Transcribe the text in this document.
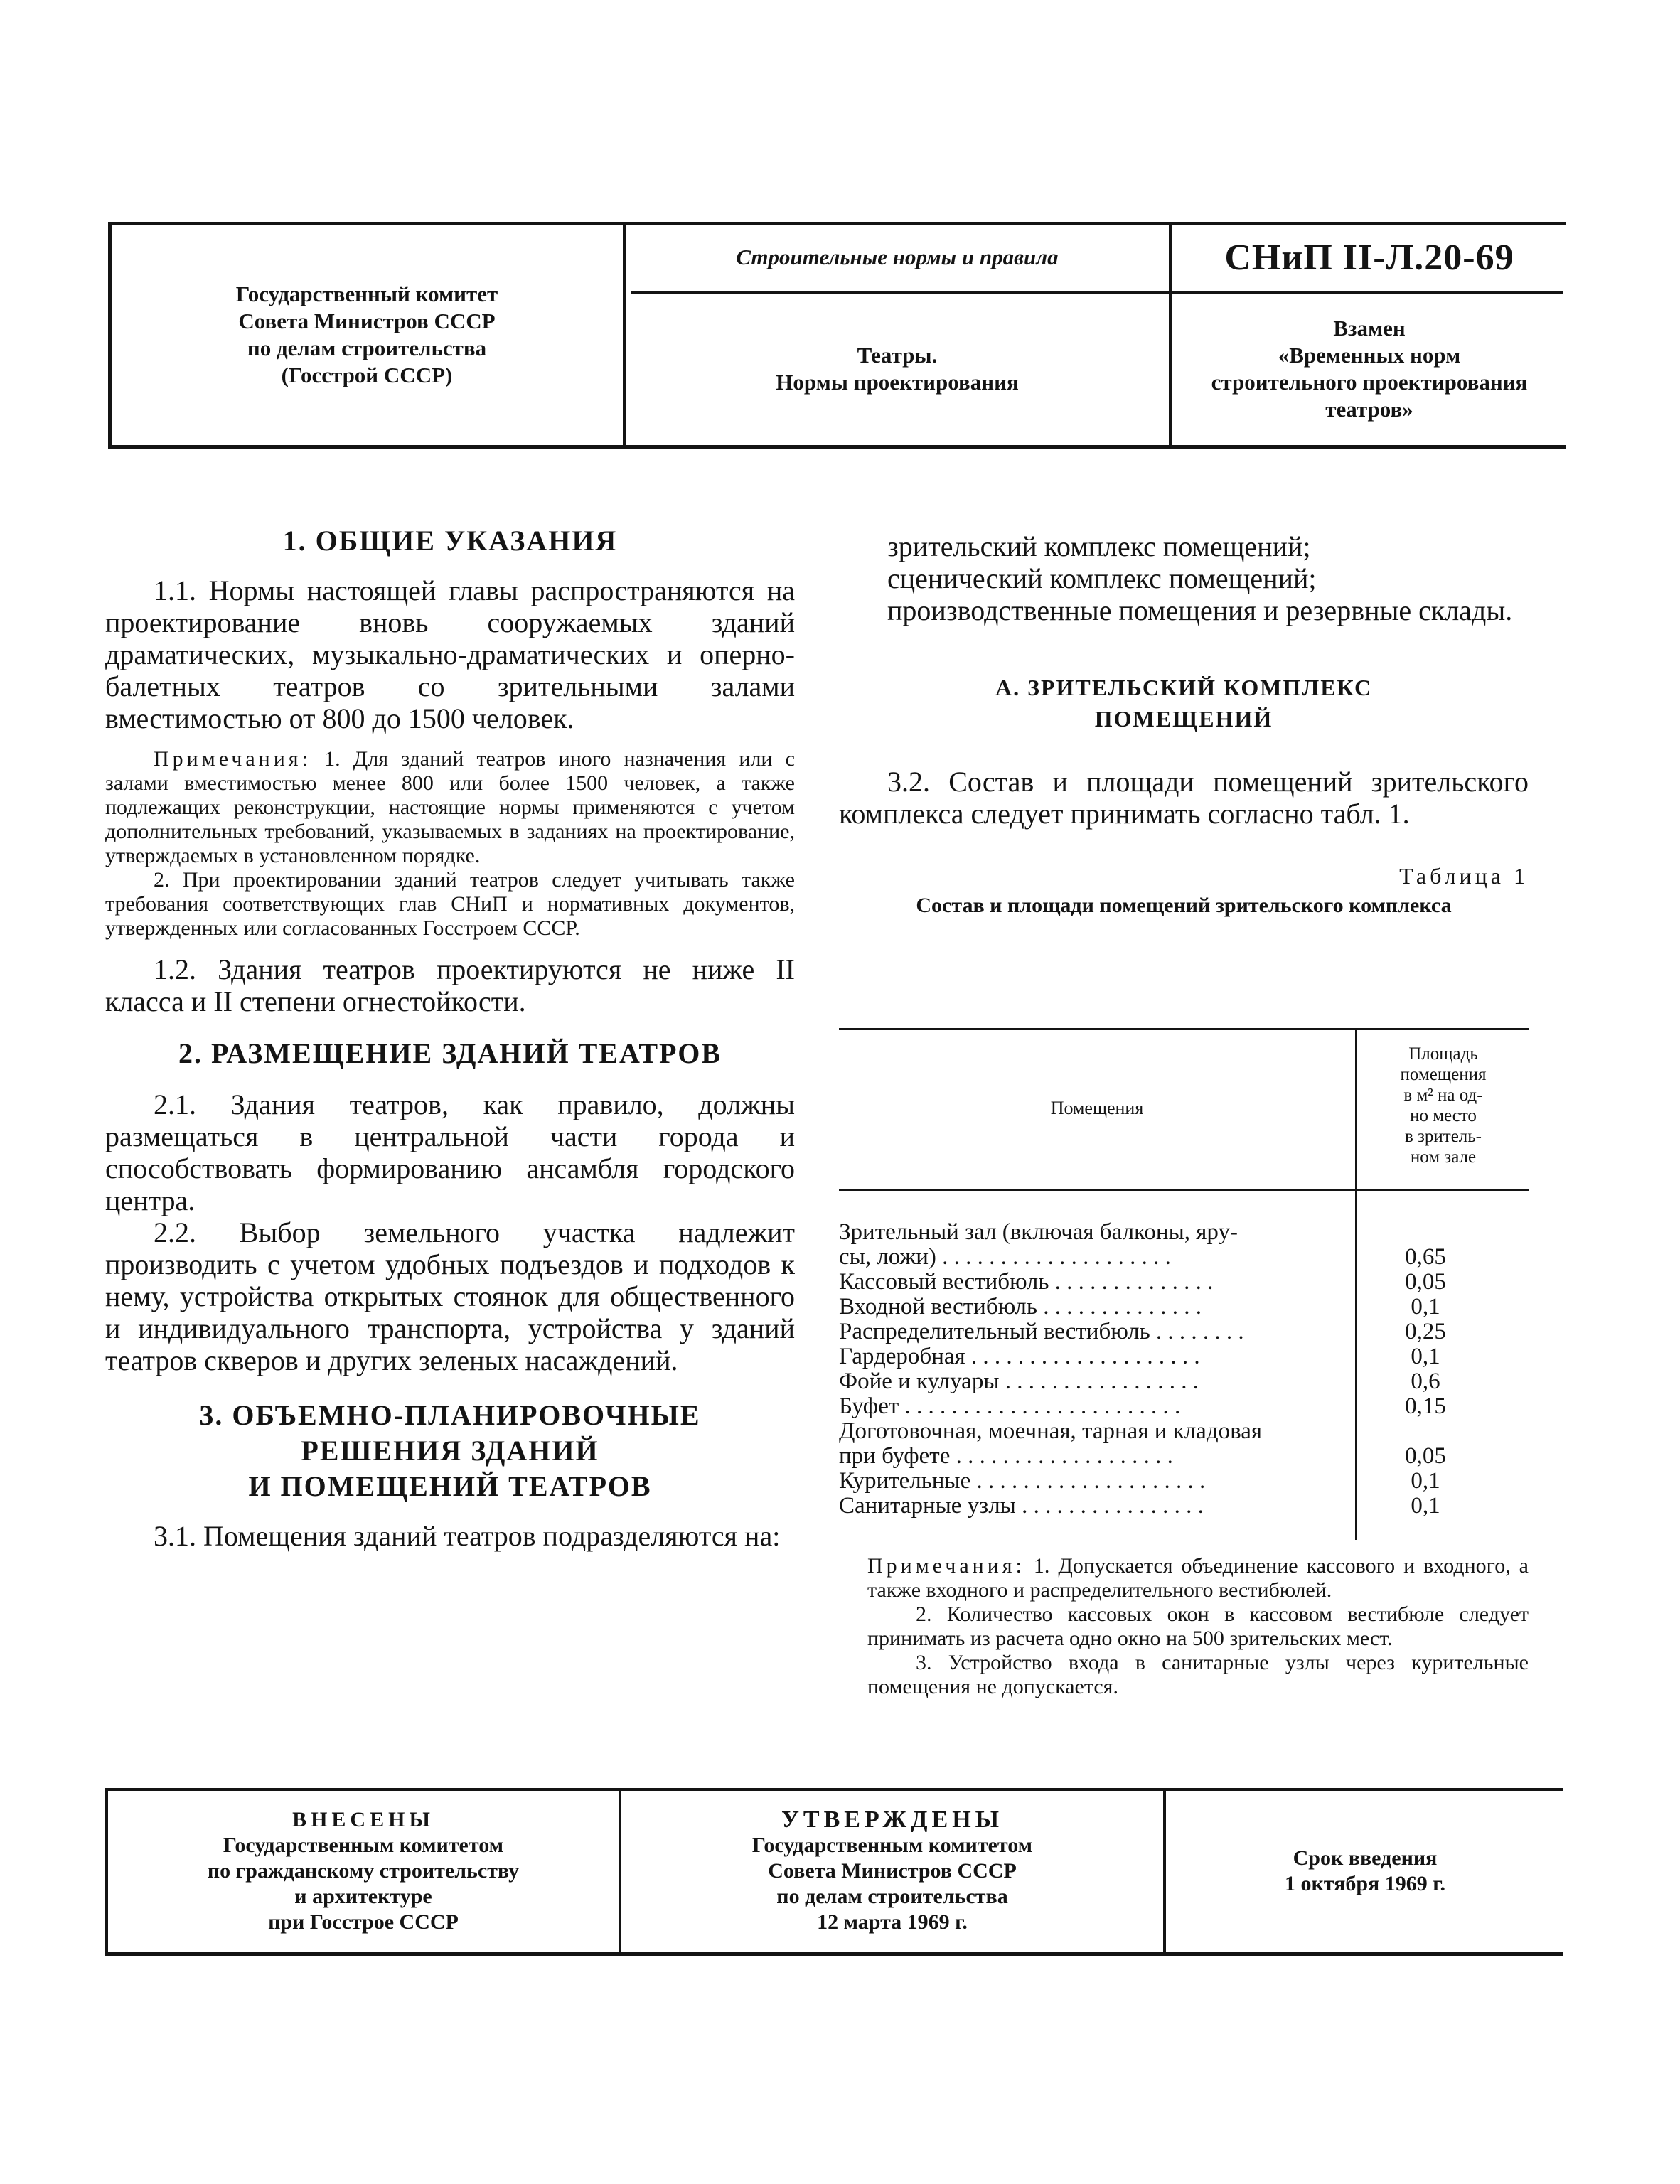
Государственный комитет
Совета Министров СССР
по делам строительства
(Госстрой СССР)
Строительные нормы и правила
Театры.
Нормы проектирования
СНиП II-Л.20-69
Взамен
«Временных норм
строительного проектирования
театров»

1. ОБЩИЕ УКАЗАНИЯ

1.1. Нормы настоящей главы распространяются на проектирование вновь сооружаемых зданий драматических, музыкально-драматических и оперно-балетных театров со зрительными залами вместимостью от 800 до 1500 человек.

Примечания: 1. Для зданий театров иного назначения или с залами вместимостью менее 800 или более 1500 человек, а также подлежащих реконструкции, настоящие нормы применяются с учетом дополнительных требований, указываемых в заданиях на проектирование, утверждаемых в установленном порядке.

2. При проектировании зданий театров следует учитывать также требования соответствующих глав СНиП и нормативных документов, утвержденных или согласованных Госстроем СССР.

1.2. Здания театров проектируются не ниже II класса и II степени огнестойкости.

2. РАЗМЕЩЕНИЕ ЗДАНИЙ ТЕАТРОВ

2.1. Здания театров, как правило, должны размещаться в центральной части города и способствовать формированию ансамбля городского центра.

2.2. Выбор земельного участка надлежит производить с учетом удобных подъездов и подходов к нему, устройства открытых стоянок для общественного и индивидуального транспорта, устройства у зданий театров скверов и других зеленых насаждений.

3. ОБЪЕМНО-ПЛАНИРОВОЧНЫЕ

РЕШЕНИЯ ЗДАНИЙ

И ПОМЕЩЕНИЙ ТЕАТРОВ

3.1. Помещения зданий театров подразделяются на:

зрительский комплекс помещений;

сценический комплекс помещений;

производственные помещения и резервные склады.

А. ЗРИТЕЛЬСКИЙ КОМПЛЕКС

ПОМЕЩЕНИЙ

3.2. Состав и площади помещений зрительского комплекса следует принимать согласно табл. 1.

Таблица 1

Состав и площади помещений зрительского комплекса

Помещения
Площадь
помещения
в м² на од-
но место
в зритель-
ном зале
Зрительный зал (включая балконы, яру-
сы, ложи) . . . . . . . . . . . . . . . . . . . .	0,65
Кассовый вестибюль . . . . . . . . . . . . . .	0,05
Входной вестибюль . . . . . . . . . . . . . .	0,1
Распределительный вестибюль . . . . . . . .	0,25
Гардеробная . . . . . . . . . . . . . . . . . . . .	0,1
Фойе и кулуары . . . . . . . . . . . . . . . . .	0,6
Буфет . . . . . . . . . . . . . . . . . . . . . . . .	0,15
Доготовочная, моечная, тарная и кладовая
при буфете . . . . . . . . . . . . . . . . . . .	0,05
Курительные . . . . . . . . . . . . . . . . . . . .	0,1
Санитарные узлы . . . . . . . . . . . . . . . .	0,1

Примечания: 1. Допускается объединение кассового и входного, а также входного и распределительного вестибюлей.

2. Количество кассовых окон в кассовом вестибюле следует принимать из расчета одно окно на 500 зрительских мест.

3. Устройство входа в санитарные узлы через курительные помещения не допускается.

ВНЕСЕНЫ
Государственным комитетом
по гражданскому строительству
и архитектуре
при Госстрое СССР
УТВЕРЖДЕНЫ
Государственным комитетом
Совета Министров СССР
по делам строительства
12 марта 1969 г.
Срок введения
1 октября 1969 г.
